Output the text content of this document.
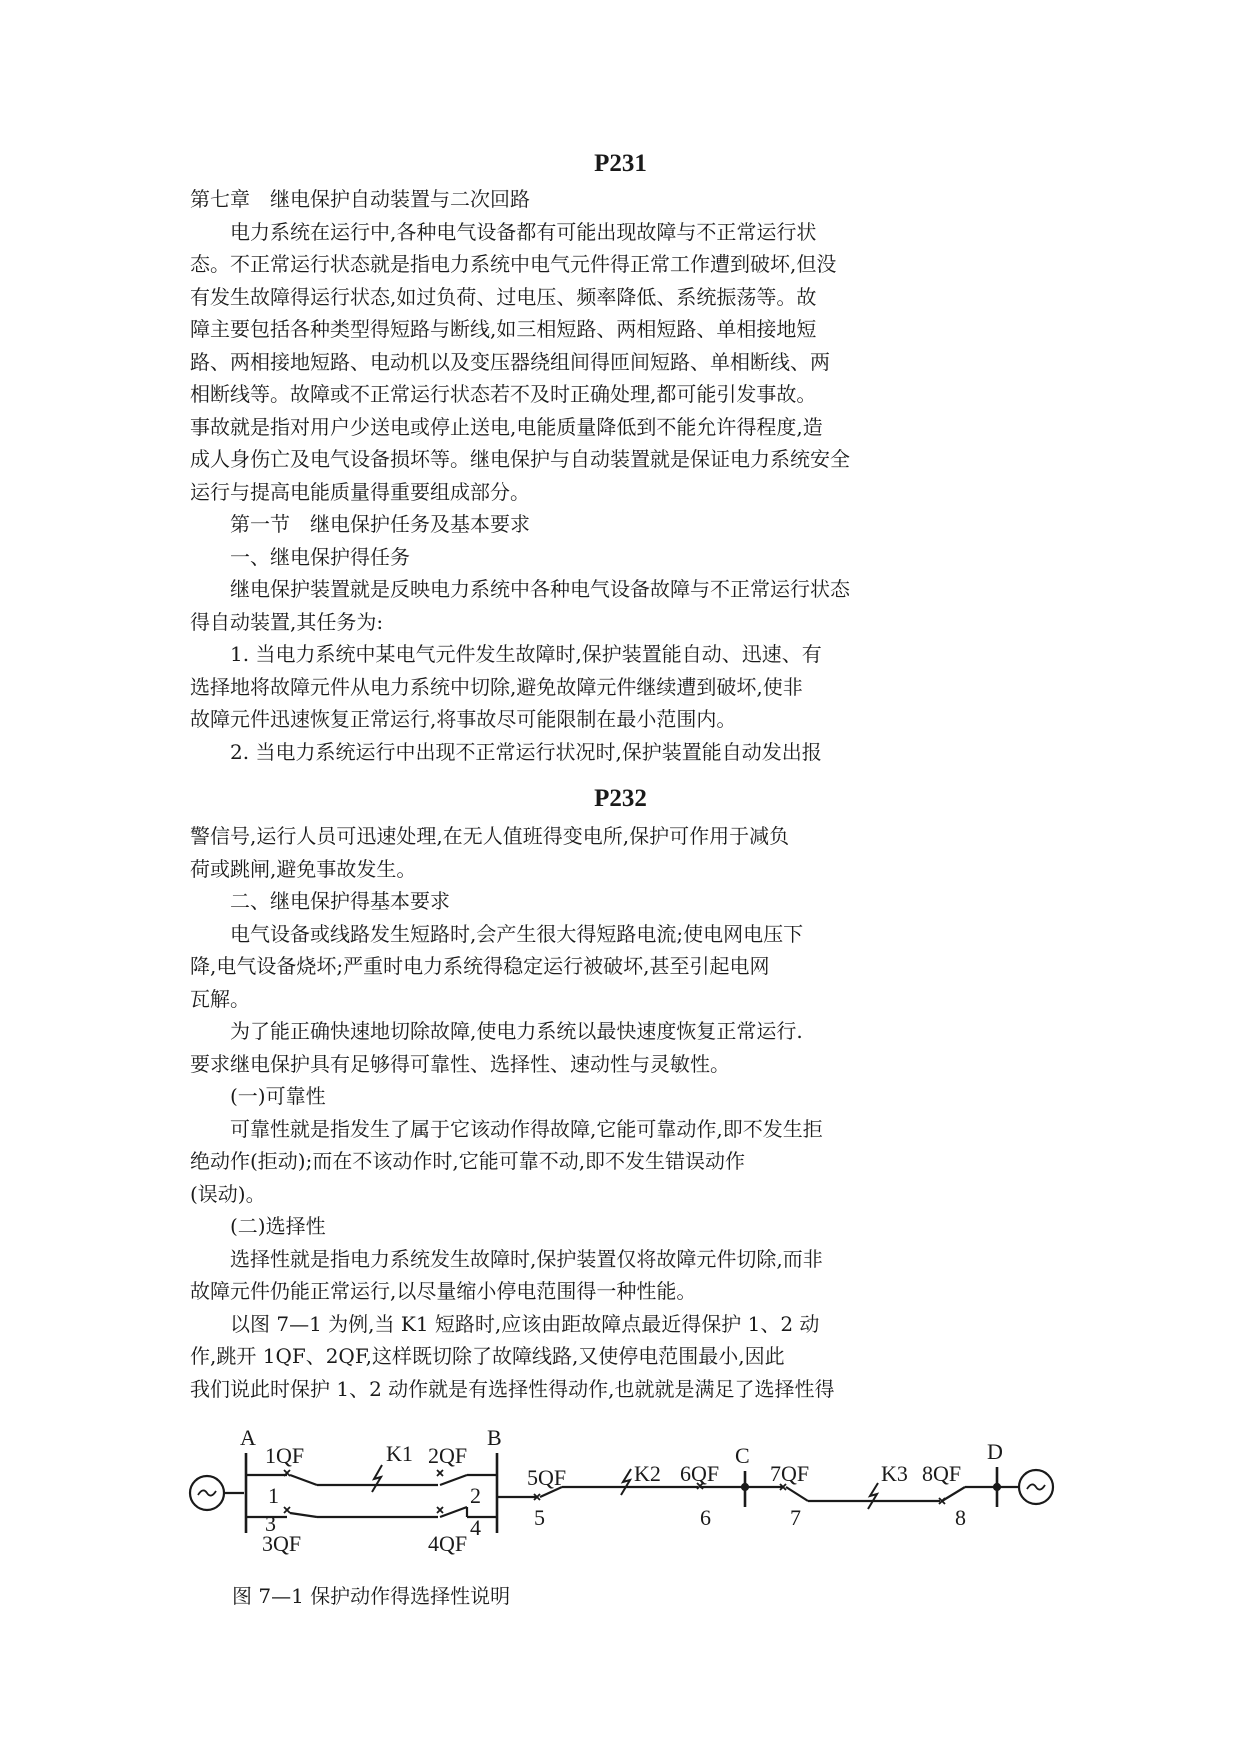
P231

第七章　继电保护自动装置与二次回路

电力系统在运行中,各种电气设备都有可能出现故障与不正常运行状

态。不正常运行状态就是指电力系统中电气元件得正常工作遭到破坏,但没

有发生故障得运行状态,如过负荷、过电压、频率降低、系统振荡等。故

障主要包括各种类型得短路与断线,如三相短路、两相短路、单相接地短

路、两相接地短路、电动机以及变压器绕组间得匝间短路、单相断线、两

相断线等。故障或不正常运行状态若不及时正确处理,都可能引发事故。

事故就是指对用户少送电或停止送电,电能质量降低到不能允许得程度,造

成人身伤亡及电气设备损坏等。继电保护与自动装置就是保证电力系统安全

运行与提高电能质量得重要组成部分。

第一节　继电保护任务及基本要求

一、继电保护得任务

继电保护装置就是反映电力系统中各种电气设备故障与不正常运行状态

得自动装置,其任务为:

1. 当电力系统中某电气元件发生故障时,保护装置能自动、迅速、有

选择地将故障元件从电力系统中切除,避免故障元件继续遭到破坏,使非

故障元件迅速恢复正常运行,将事故尽可能限制在最小范围内。

2. 当电力系统运行中出现不正常运行状况时,保护装置能自动发出报

P232

警信号,运行人员可迅速处理,在无人值班得变电所,保护可作用于减负

荷或跳闸,避免事故发生。

二、继电保护得基本要求

电气设备或线路发生短路时,会产生很大得短路电流;使电网电压下

降,电气设备烧坏;严重时电力系统得稳定运行被破坏,甚至引起电网

瓦解。

为了能正确快速地切除故障,使电力系统以最快速度恢复正常运行.

要求继电保护具有足够得可靠性、选择性、速动性与灵敏性。

(一)可靠性

可靠性就是指发生了属于它该动作得故障,它能可靠动作,即不发生拒

绝动作(拒动);而在不该动作时,它能可靠不动,即不发生错误动作

(误动)。

(二)选择性

选择性就是指电力系统发生故障时,保护装置仅将故障元件切除,而非

故障元件仍能正常运行,以尽量缩小停电范围得一种性能。

以图 7—1 为例,当 K1 短路时,应该由距故障点最近得保护 1、2 动

作,跳开 1QF、2QF,这样既切除了故障线路,又使停电范围最小,因此

我们说此时保护 1、2 动作就是有选择性得动作,也就就是满足了选择性得

A	B
C	D
1QF	2QF
3QF	4QF
5QF	6QF 7QF	8QF
1	2
3	4 5	6	7	8
K1
K2	K3
图 7—1 保护动作得选择性说明
